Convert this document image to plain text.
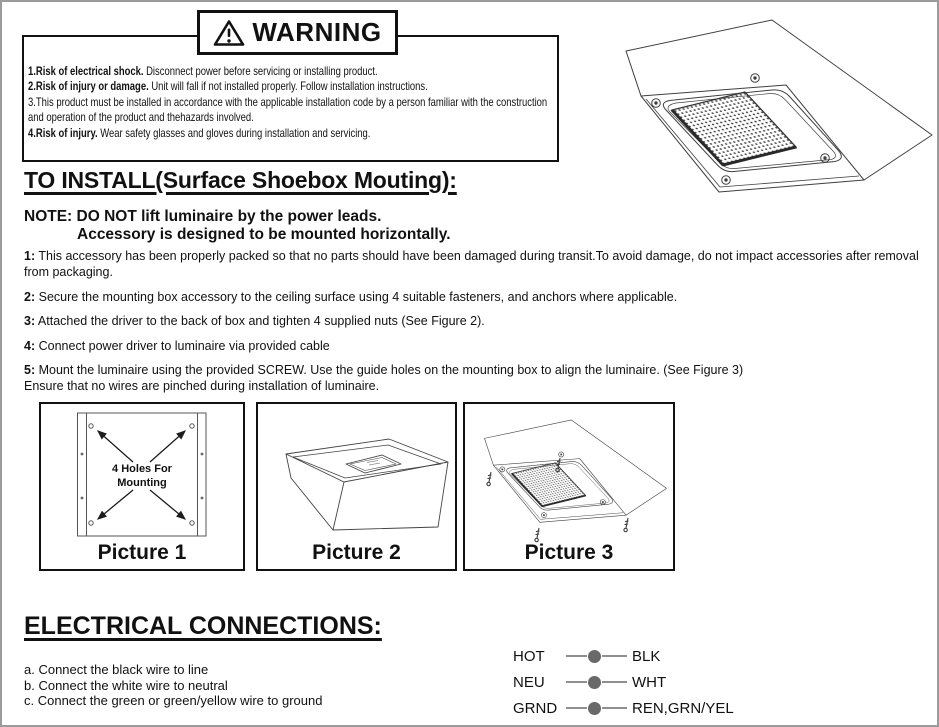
WARNING
1.Risk of electrical shock. Disconnect power before servicing or installing product.
2.Risk of injury or damage. Unit will fall if not installed properly. Follow installation instructions.
3.This product must be installed in accordance with the applicable installation code by a person familiar with the construction and operation of the product and thehazards involved.
4.Risk of injury. Wear safety glasses and gloves during installation and servicing.
TO INSTALL(Surface Shoebox Mouting):
NOTE: DO NOT lift luminaire by the power leads.
Accessory is designed to be mounted horizontally.

1: This accessory has been properly packed so that no parts should have been damaged during transit.To avoid damage, do not impact accessories after removal from packaging.

2: Secure the mounting box accessory to the ceiling surface using 4 suitable fasteners, and anchors where applicable.

3: Attached the driver to the back of box and tighten 4 supplied nuts (See Figure 2).

4: Connect power driver to luminaire via provided cable

5: Mount the luminaire using the provided SCREW. Use the guide holes on the mounting box to align the luminaire. (See Figure 3)
Ensure that no wires are pinched during installation of luminaire.

4 Holes For
Mounting
Picture 1	Picture 2	Picture 3
ELECTRICAL CONNECTIONS:
a. Connect the black wire to line
b. Connect the white wire to neutral
c. Connect the green or green/yellow wire to ground
HOT	BLK
NEU	WHT
GRND	REN,GRN/YEL
